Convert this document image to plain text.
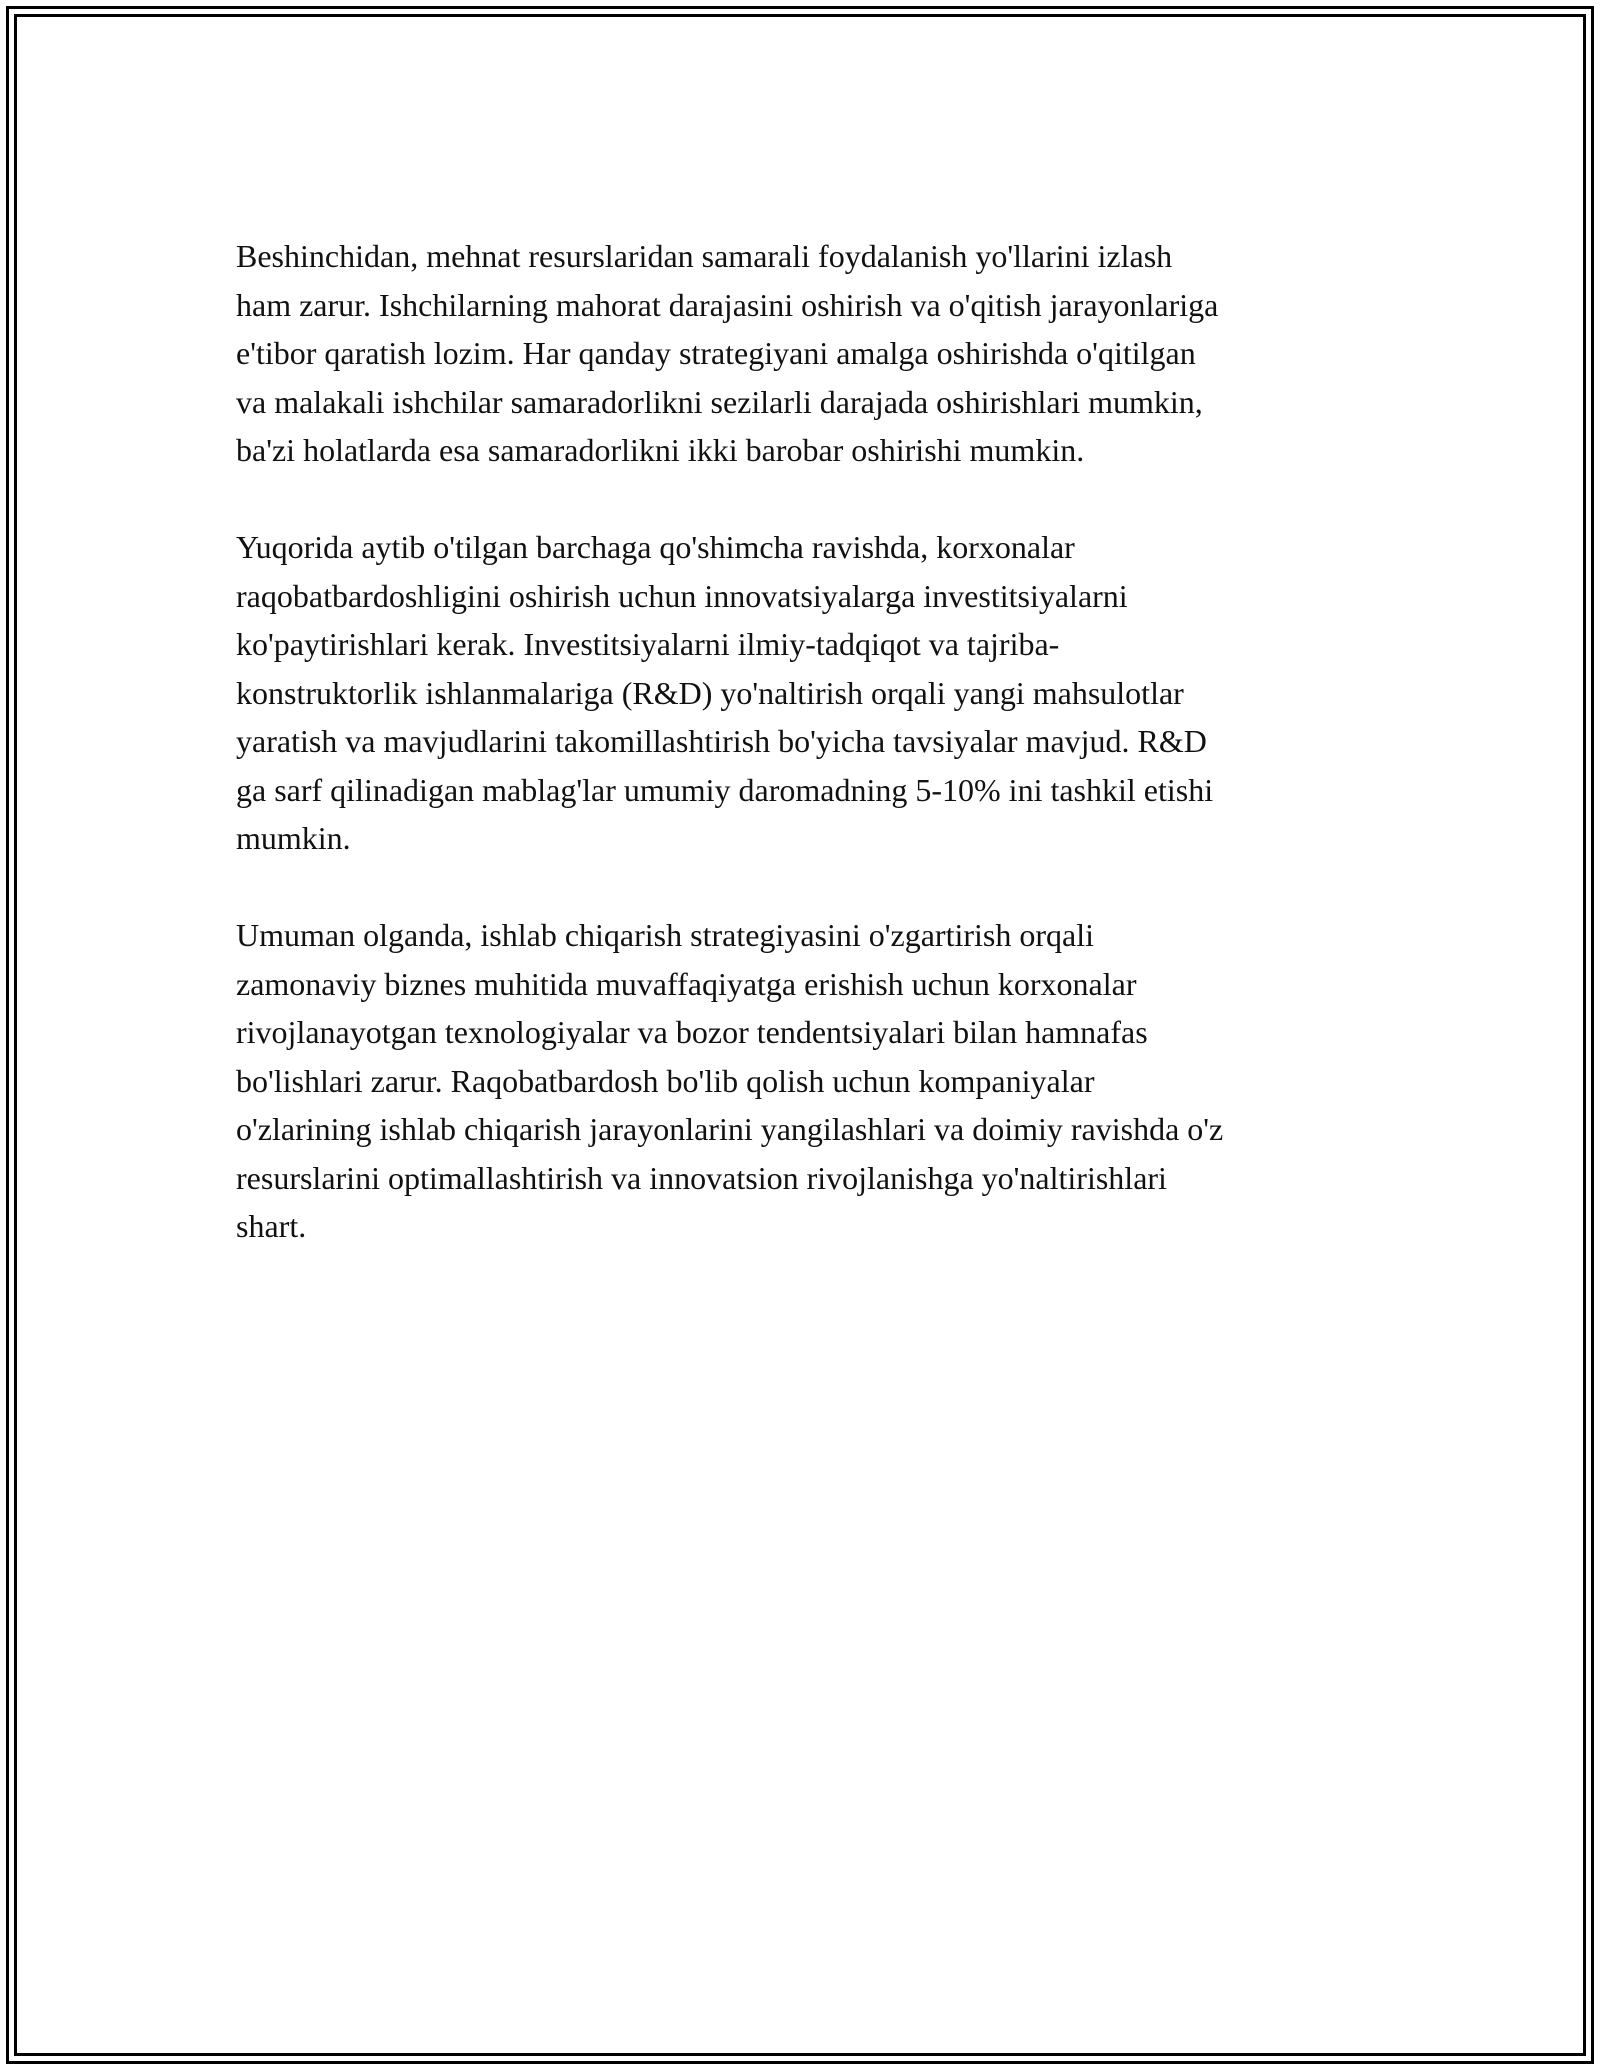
Beshinchidan, mehnat resurslaridan samarali foydalanish yo'llarini izlash
ham zarur. Ishchilarning mahorat darajasini oshirish va o'qitish jarayonlariga
e'tibor qaratish lozim. Har qanday strategiyani amalga oshirishda o'qitilgan
va malakali ishchilar samaradorlikni sezilarli darajada oshirishlari mumkin,
ba'zi holatlarda esa samaradorlikni ikki barobar oshirishi mumkin.

Yuqorida aytib o'tilgan barchaga qo'shimcha ravishda, korxonalar
raqobatbardoshligini oshirish uchun innovatsiyalarga investitsiyalarni
ko'paytirishlari kerak. Investitsiyalarni ilmiy-tadqiqot va tajriba-
konstruktorlik ishlanmalariga (R&D) yo'naltirish orqali yangi mahsulotlar
yaratish va mavjudlarini takomillashtirish bo'yicha tavsiyalar mavjud. R&D
ga sarf qilinadigan mablag'lar umumiy daromadning 5-10% ini tashkil etishi
mumkin.

Umuman olganda, ishlab chiqarish strategiyasini o'zgartirish orqali
zamonaviy biznes muhitida muvaffaqiyatga erishish uchun korxonalar
rivojlanayotgan texnologiyalar va bozor tendentsiyalari bilan hamnafas
bo'lishlari zarur. Raqobatbardosh bo'lib qolish uchun kompaniyalar
o'zlarining ishlab chiqarish jarayonlarini yangilashlari va doimiy ravishda o'z
resurslarini optimallashtirish va innovatsion rivojlanishga yo'naltirishlari
shart.
